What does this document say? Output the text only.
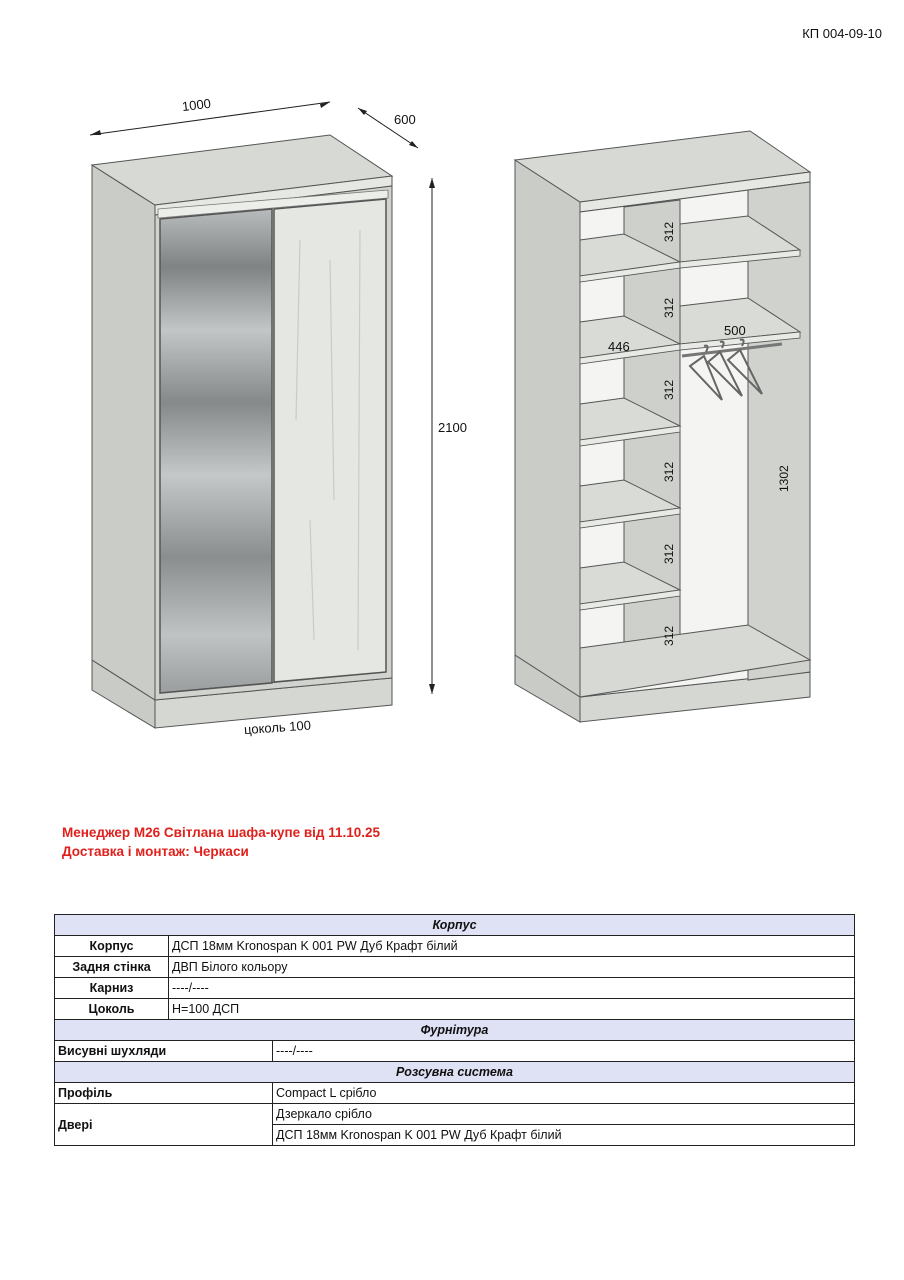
КП 004-09-10
1000
600
2100
цоколь 100
312
312
312
312
312
312
446
500
1302
Менеджер М26 Світлана шафа-купе від 11.10.25
Доставка і монтаж: Черкаси
Корпус		
Корпус	ДСП 18мм Kronospan K 001 PW Дуб Крафт білий	
Задня стінка	ДВП Білого кольору	
Карниз	----/----	
Цоколь	Н=100 ДСП	
Фурнітура		
Висувні шухляди		----/----
Розсувна система		
Профіль		Compact L срібло
Двері		Дзеркало срібло
		ДСП 18мм Kronospan K 001 PW Дуб Крафт білий
